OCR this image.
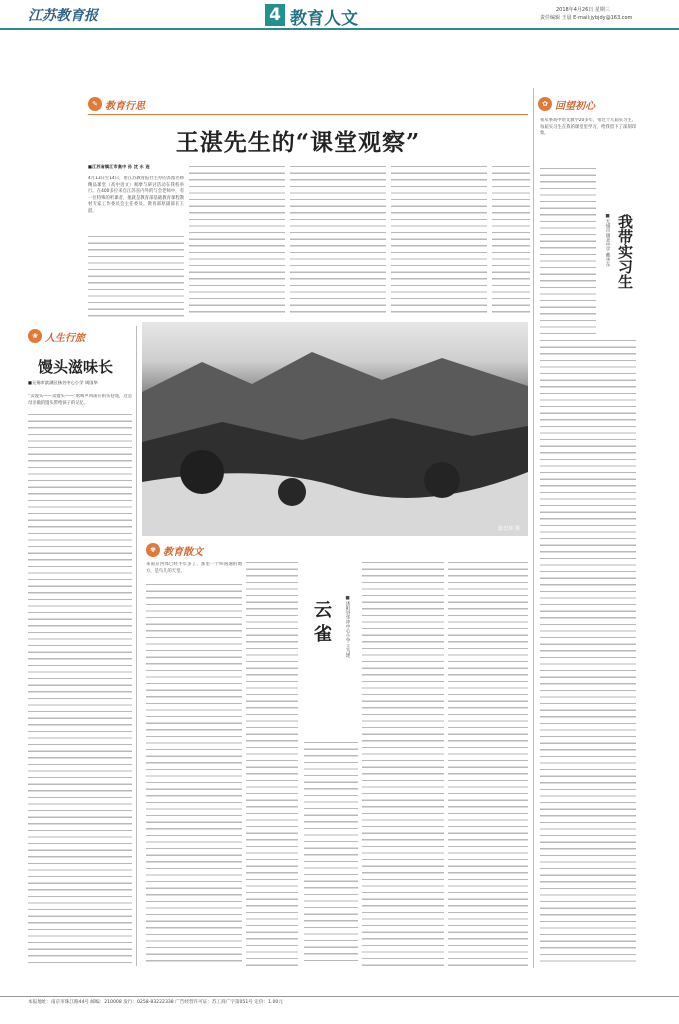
江苏教育报	4 教育人文	2018年4月26日 星期三
责任编辑 王晨 E-mail:jybjdy@163.com
✎ 教育行思
王湛先生的“课堂观察”
■江苏省镇江市高中 孙 沈 永 连
4月13日至14日，由江苏教育报社主办的苏派名师精品课堂（高中语文）观摩与研讨活动在我校举行。在400多位来自江苏省内外的与会老师中，有一位特殊的听课者，他就是教育部基础教育课程教材专家工作委员会主任委员、教育部原副部长王湛。
✿ 回望初心
我从事高中语文教学20多年，带过十几届实习生，每届实习生在我的课堂里学习，给我留下了深刻印象。
我带实习生
■无锡市锡北中学 戴华东
❀ 人生行旅
馒头滋味长
■无锡市滨湖区扬名中心小学 周国华
“卖馒头——卖馒头——”吆喝声回荡在街头巷尾，这是母亲做的馒头带给孩子的记忆。
陈忠林 摄
✾ 教育散文
来南京西郊已经半年多了，那里一个叫圆通的地方，是鸟儿的天堂。
云 雀	■沭阳县华冲中心小学 王乃建
本报地址：南京市珠江路44号 邮编：210008 发行：0258-83222338 广告经营许可证：苏工商广字第051号 定价：1.00元
